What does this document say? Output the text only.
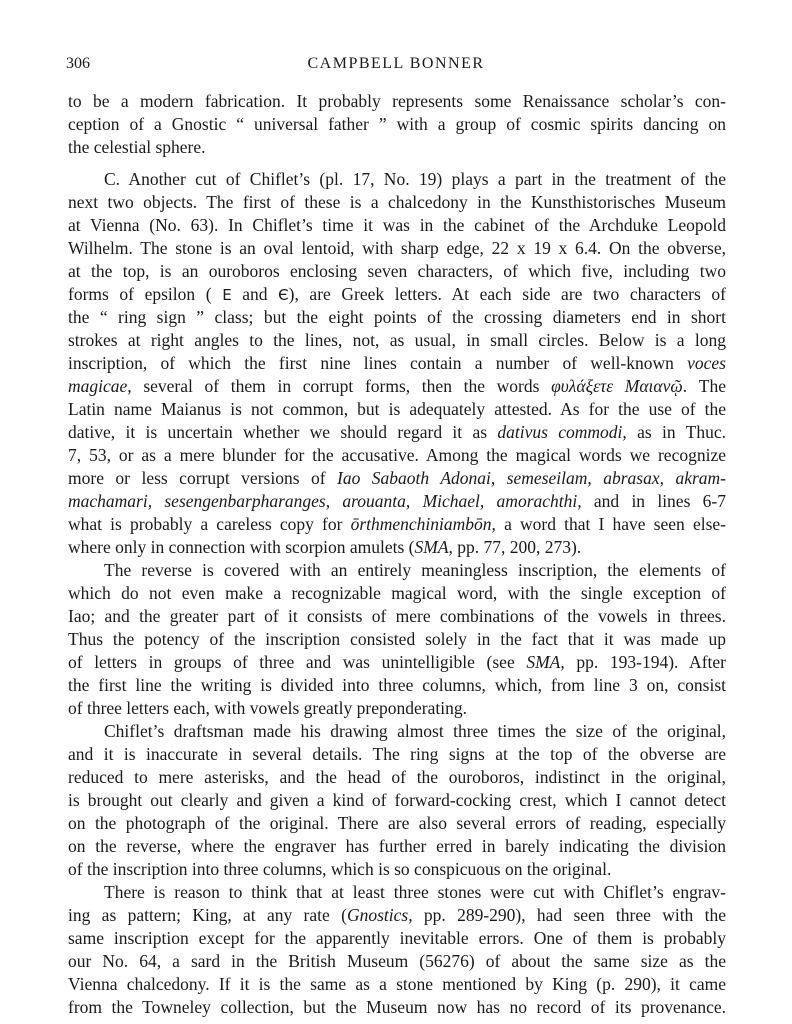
306	CAMPBELL BONNER
to be a modern fabrication. It probably represents some Renaissance scholar’s con-
ception of a Gnostic “ universal father ” with a group of cosmic spirits dancing on
the celestial sphere.
C. Another cut of Chiflet’s (pl. 17, No. 19) plays a part in the treatment of the
next two objects. The first of these is a chalcedony in the Kunsthistorisches Museum
at Vienna (No. 63). In Chiflet’s time it was in the cabinet of the Archduke Leopold
Wilhelm. The stone is an oval lentoid, with sharp edge, 22 x 19 x 6.4. On the obverse,
at the top, is an ouroboros enclosing seven characters, of which five, including two
forms of epsilon ( E and Є), are Greek letters. At each side are two characters of
the “ ring sign ” class; but the eight points of the crossing diameters end in short
strokes at right angles to the lines, not, as usual, in small circles. Below is a long
inscription, of which the first nine lines contain a number of well-known voces
magicae, several of them in corrupt forms, then the words φυλάξετε Μαιανῷ. The
Latin name Maianus is not common, but is adequately attested. As for the use of the
dative, it is uncertain whether we should regard it as dativus commodi, as in Thuc.
7, 53, or as a mere blunder for the accusative. Among the magical words we recognize
more or less corrupt versions of Iao Sabaoth Adonai, semeseilam, abrasax, akram-
machamari, sesengenbarpharanges, arouanta, Michael, amorachthi, and in lines 6-7
what is probably a careless copy for ōrthmenchiniambōn, a word that I have seen else-
where only in connection with scorpion amulets (SMA, pp. 77, 200, 273).
The reverse is covered with an entirely meaningless inscription, the elements of
which do not even make a recognizable magical word, with the single exception of
Iao; and the greater part of it consists of mere combinations of the vowels in threes.
Thus the potency of the inscription consisted solely in the fact that it was made up
of letters in groups of three and was unintelligible (see SMA, pp. 193-194). After
the first line the writing is divided into three columns, which, from line 3 on, consist
of three letters each, with vowels greatly preponderating.
Chiflet’s draftsman made his drawing almost three times the size of the original,
and it is inaccurate in several details. The ring signs at the top of the obverse are
reduced to mere asterisks, and the head of the ouroboros, indistinct in the original,
is brought out clearly and given a kind of forward-cocking crest, which I cannot detect
on the photograph of the original. There are also several errors of reading, especially
on the reverse, where the engraver has further erred in barely indicating the division
of the inscription into three columns, which is so conspicuous on the original.
There is reason to think that at least three stones were cut with Chiflet’s engrav-
ing as pattern; King, at any rate (Gnostics, pp. 289-290), had seen three with the
same inscription except for the apparently inevitable errors. One of them is probably
our No. 64, a sard in the British Museum (56276) of about the same size as the
Vienna chalcedony. If it is the same as a stone mentioned by King (p. 290), it came
from the Towneley collection, but the Museum now has no record of its provenance.
